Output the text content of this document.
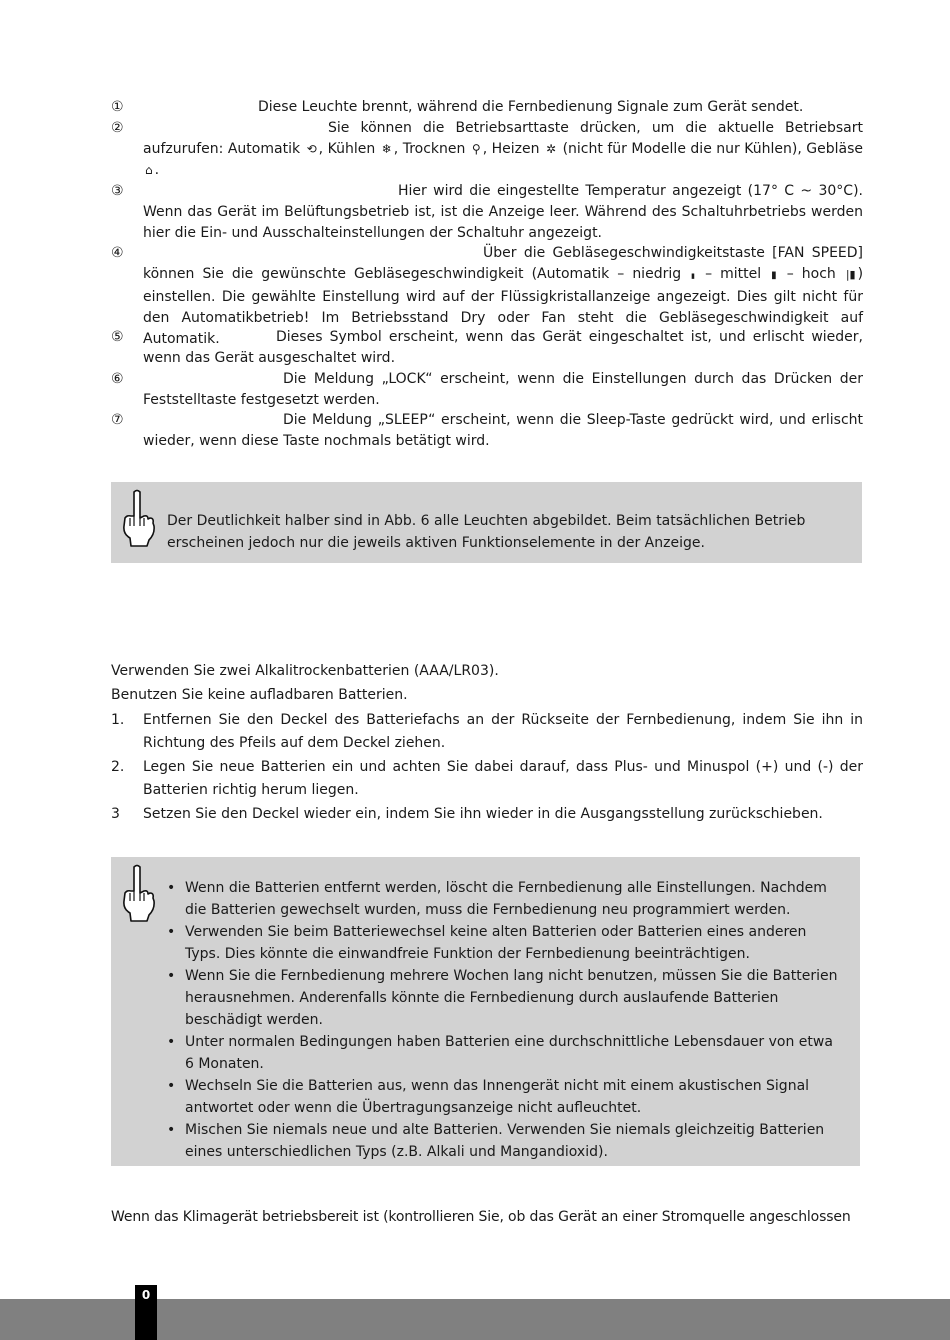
①	Diese Leuchte brennt, während die Fernbedienung Signale zum Gerät sendet.
②	Sie können die Betriebsarttaste drücken, um die aktuelle Betriebsart aufzurufen: Automatik ⟲ , Kühlen ❄ , Trocknen ⚲ , Heizen ✲ (nicht für Modelle die nur Kühlen), Gebläse ⌂ .
③	Hier wird die eingestellte Temperatur angezeigt (17° C ~ 30°C). Wenn das Gerät im Belüftungsbetrieb ist, ist die Anzeige leer. Während des Schaltuhrbetriebs werden hier die Ein- und Ausschalteinstellungen der Schaltuhr angezeigt.
④	Über die Gebläsegeschwindigkeitstaste [FAN SPEED] können Sie die gewünschte Gebläsegeschwindigkeit (Automatik – niedrig ▮ – mittel ▮ – hoch |▮ ) einstellen. Die gewählte Einstellung wird auf der Flüssigkristallanzeige angezeigt. Dies gilt nicht für den Automatikbetrieb! Im Betriebsstand Dry oder Fan steht die Gebläsegeschwindigkeit auf Automatik.
⑤	Dieses Symbol erscheint, wenn das Gerät eingeschaltet ist, und erlischt wieder, wenn das Gerät ausgeschaltet wird.
⑥	Die Meldung „LOCK“ erscheint, wenn die Einstellungen durch das Drücken der Feststelltaste festgesetzt werden.
⑦	Die Meldung „SLEEP“ erscheint, wenn die Sleep-Taste gedrückt wird, und erlischt wieder, wenn diese Taste nochmals betätigt wird.
Der Deutlichkeit halber sind in Abb. 6 alle Leuchten abgebildet. Beim tatsächlichen Betrieb erscheinen jedoch nur die jeweils aktiven Funktionselemente in der Anzeige.
Verwenden Sie zwei Alkalitrockenbatterien (AAA/LR03).
Benutzen Sie keine aufladbaren Batterien.
1. Entfernen Sie den Deckel des Batteriefachs an der Rückseite der Fernbedienung, indem Sie ihn in Richtung des Pfeils auf dem Deckel ziehen.
2. Legen Sie neue Batterien ein und achten Sie dabei darauf, dass Plus- und Minuspol (+) und (-) der Batterien richtig herum liegen.
3 Setzen Sie den Deckel wieder ein, indem Sie ihn wieder in die Ausgangsstellung zurückschieben.
• Wenn die Batterien entfernt werden, löscht die Fernbedienung alle Einstellungen. Nachdem die Batterien gewechselt wurden, muss die Fernbedienung neu programmiert werden.
• Verwenden Sie beim Batteriewechsel keine alten Batterien oder Batterien eines anderen Typs. Dies könnte die einwandfreie Funktion der Fernbedienung beeinträchtigen.
• Wenn Sie die Fernbedienung mehrere Wochen lang nicht benutzen, müssen Sie die Batterien herausnehmen. Anderenfalls könnte die Fernbedienung durch auslaufende Batterien beschädigt werden.
• Unter normalen Bedingungen haben Batterien eine durchschnittliche Lebensdauer von etwa 6 Monaten.
• Wechseln Sie die Batterien aus, wenn das Innengerät nicht mit einem akustischen Signal antwortet oder wenn die Übertragungsanzeige nicht aufleuchtet.
• Mischen Sie niemals neue und alte Batterien. Verwenden Sie niemals gleichzeitig Batterien eines unterschiedlichen Typs (z.B. Alkali und Mangandioxid).
Wenn das Klimagerät betriebsbereit ist (kontrollieren Sie, ob das Gerät an einer Stromquelle angeschlossen
0
